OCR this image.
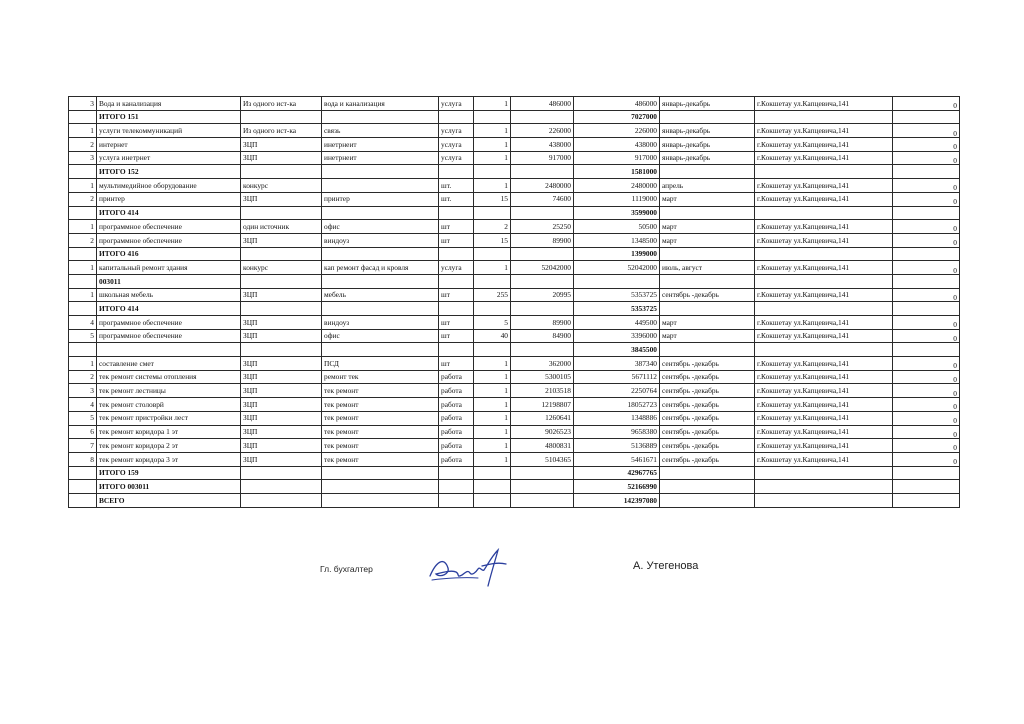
3	Вода и канализация	Из одного ист-ка	вода и канализация	услуга	1	486000	486000	январь-декабрь	г.Кокшетау ул.Капцевича,141	0
	ИТОГО 151						7027000			
1	услуги телекоммуникаций	Из одного ист-ка	связь	услуга	1	226000	226000	январь-декабрь	г.Кокшетау ул.Капцевича,141	0
2	интернет	ЗЦП	инетрнеит	услуга	1	438000	438000	январь-декабрь	г.Кокшетау ул.Капцевича,141	0
3	услуга инетрнет	ЗЦП	инетрнеит	услуга	1	917000	917000	январь-декабрь	г.Кокшетау ул.Капцевича,141	0
	ИТОГО 152						1581000			
1	мультимедийное оборудование	конкурс		шт.	1	2480000	2480000	апрель	г.Кокшетау ул.Капцевича,141	0
2	принтер	ЗЦП	принтер	шт.	15	74600	1119000	март	г.Кокшетау ул.Капцевича,141	0
	ИТОГО 414						3599000			
1	программное обеспечение	один источник	офис	шт	2	25250	50500	март	г.Кокшетау ул.Капцевича,141	0
2	программное обеспечение	ЗЦП	виндоуз	шт	15	89900	1348500	март	г.Кокшетау ул.Капцевича,141	0
	ИТОГО 416						1399000			
1	капитальный ремонт здания	конкурс	кап ремонт фасад и кровля	услуга	1	52042000	52042000	июль, август	г.Кокшетау ул.Капцевича,141	0
	003011									
1	школьная мебель	ЗЦП	мебель	шт	255	20995	5353725	сентябрь -декабрь	г.Кокшетау ул.Капцевича,141	0
	ИТОГО 414						5353725			
4	программное обеспечение	ЗЦП	виндоуз	шт	5	89900	449500	март	г.Кокшетау ул.Капцевича,141	0
5	программное обеспечение	ЗЦП	офис	шт	40	84900	3396000	март	г.Кокшетау ул.Капцевича,141	0
							3845500			
1	составление смет	ЗЦП	ПСД	шт	1	362000	387340	сентябрь -декабрь	г.Кокшетау ул.Капцевича,141	0
2	тек ремонт системы отопления	ЗЦП	ремонт тек	работа	1	5300105	5671112	сентябрь -декабрь	г.Кокшетау ул.Капцевича,141	0
3	тек ремонт лестницы	ЗЦП	тек ремонт	работа	1	2103518	2250764	сентябрь -декабрь	г.Кокшетау ул.Капцевича,141	0
4	тек ремонт столоврй	ЗЦП	тек ремонт	работа	1	12198807	18052723	сентябрь -декабрь	г.Кокшетау ул.Капцевича,141	0
5	тек ремонт пристройки лест	ЗЦП	тек ремонт	работа	1	1260641	1348886	сентябрь -декабрь	г.Кокшетау ул.Капцевича,141	0
6	тек ремонт коридора 1 эт	ЗЦП	тек ремонт	работа	1	9026523	9658380	сентябрь -декабрь	г.Кокшетау ул.Капцевича,141	0
7	тек ремонт коридора 2 эт	ЗЦП	тек ремонт	работа	1	4800831	5136889	сентябрь -декабрь	г.Кокшетау ул.Капцевича,141	0
8	тек ремонт коридора 3 эт	ЗЦП	тек ремонт	работа	1	5104365	5461671	сентябрь -декабрь	г.Кокшетау ул.Капцевича,141	0
	ИТОГО 159						42967765			
	ИТОГО 003011						52166990			
	ВСЕГО						142397080			
Гл. бухгалтер	А. Утегенова
